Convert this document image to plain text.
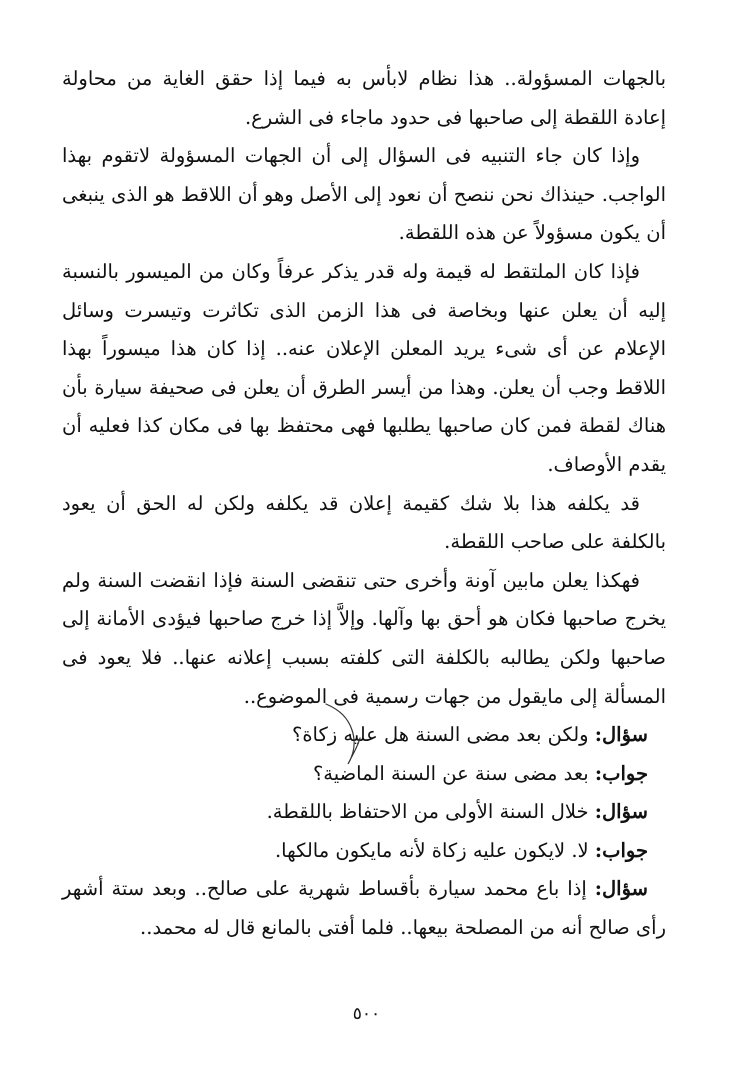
بالجهات المسؤولة.. هذا نظام لابأس به فيما إذا حقق الغاية من محاولة إعادة اللقطة إلى صاحبها فى حدود ماجاء فى الشرع.

وإذا كان جاء التنبيه فى السؤال إلى أن الجهات المسؤولة لاتقوم بهذا الواجب. حينذاك نحن ننصح أن نعود إلى الأصل وهو أن اللاقط هو الذى ينبغى أن يكون مسؤولاً عن هذه اللقطة.

فإذا كان الملتقط له قيمة وله قدر يذكر عرفاً وكان من الميسور بالنسبة إليه أن يعلن عنها وبخاصة فى هذا الزمن الذى تكاثرت وتيسرت وسائل الإعلام عن أى شىء يريد المعلن الإعلان عنه.. إذا كان هذا ميسوراً بهذا اللاقط وجب أن يعلن. وهذا من أيسر الطرق أن يعلن فى صحيفة سيارة بأن هناك لقطة فمن كان صاحبها يطلبها فهى محتفظ بها فى مكان كذا فعليه أن يقدم الأوصاف.

قد يكلفه هذا بلا شك كقيمة إعلان قد يكلفه ولكن له الحق أن يعود بالكلفة على صاحب اللقطة.

فهكذا يعلن مابين آونة وأخرى حتى تنقضى السنة فإذا انقضت السنة ولم يخرج صاحبها فكان هو أحق بها وآلها. وإلاَّ إذا خرج صاحبها فيؤدى الأمانة إلى صاحبها ولكن يطالبه بالكلفة التى كلفته بسبب إعلانه عنها.. فلا يعود فى المسألة إلى مايقول من جهات رسمية فى الموضوع..

سؤال: ولكن بعد مضى السنة هل عليه زكاة؟

جواب: بعد مضى سنة عن السنة الماضية؟

سؤال: خلال السنة الأولى من الاحتفاظ باللقطة.

جواب: لا. لايكون عليه زكاة لأنه مايكون مالكها.

سؤال: إذا باع محمد سيارة بأقساط شهرية على صالح.. وبعد ستة أشهر رأى صالح أنه من المصلحة بيعها.. فلما أفتى بالمانع قال له محمد..

٥٠٠
